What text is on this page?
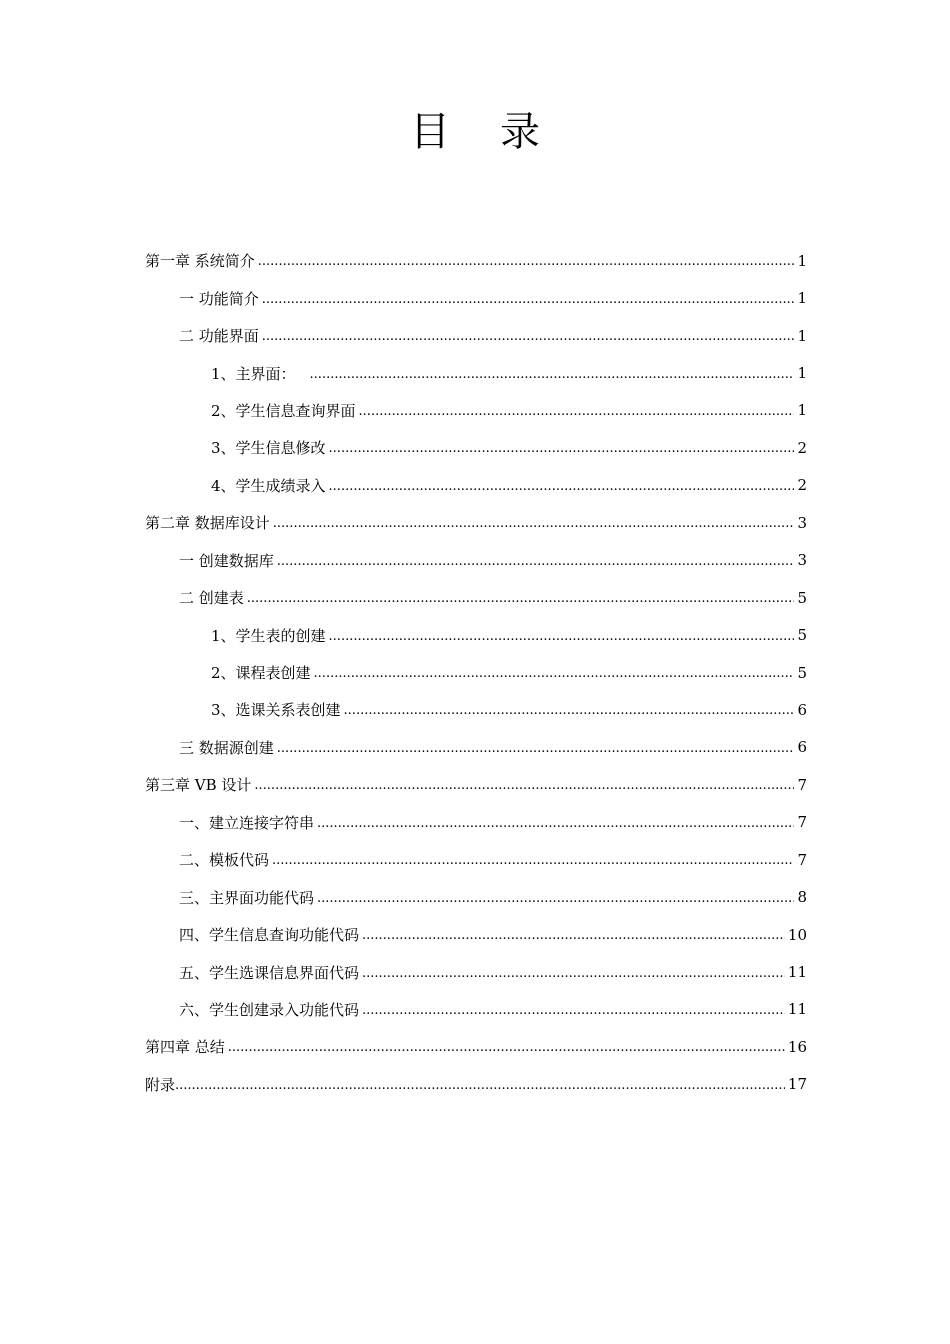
目 录
第一章 系统简介 .....	1
一 功能简介 .....	1
二 功能界面 .....	1
1、主界面： .....	1
2、学生信息查询界面 .....	1
3、学生信息修改 .....	2
4、学生成绩录入 .....	2
第二章 数据库设计 .....	3
一 创建数据库 .....	3
二 创建表 .....	5
1、学生表的创建 .....	5
2、课程表创建 .....	5
3、选课关系表创建 .....	6
三 数据源创建 .....	6
第三章 VB 设计 .....	7
一、建立连接字符串 .....	7
二、模板代码 .....	7
三、主界面功能代码 .....	8
四、学生信息查询功能代码 .....	10
五、学生选课信息界面代码 .....	11
六、学生创建录入功能代码 .....	11
第四章 总结 .....	16
附录 .....	17
